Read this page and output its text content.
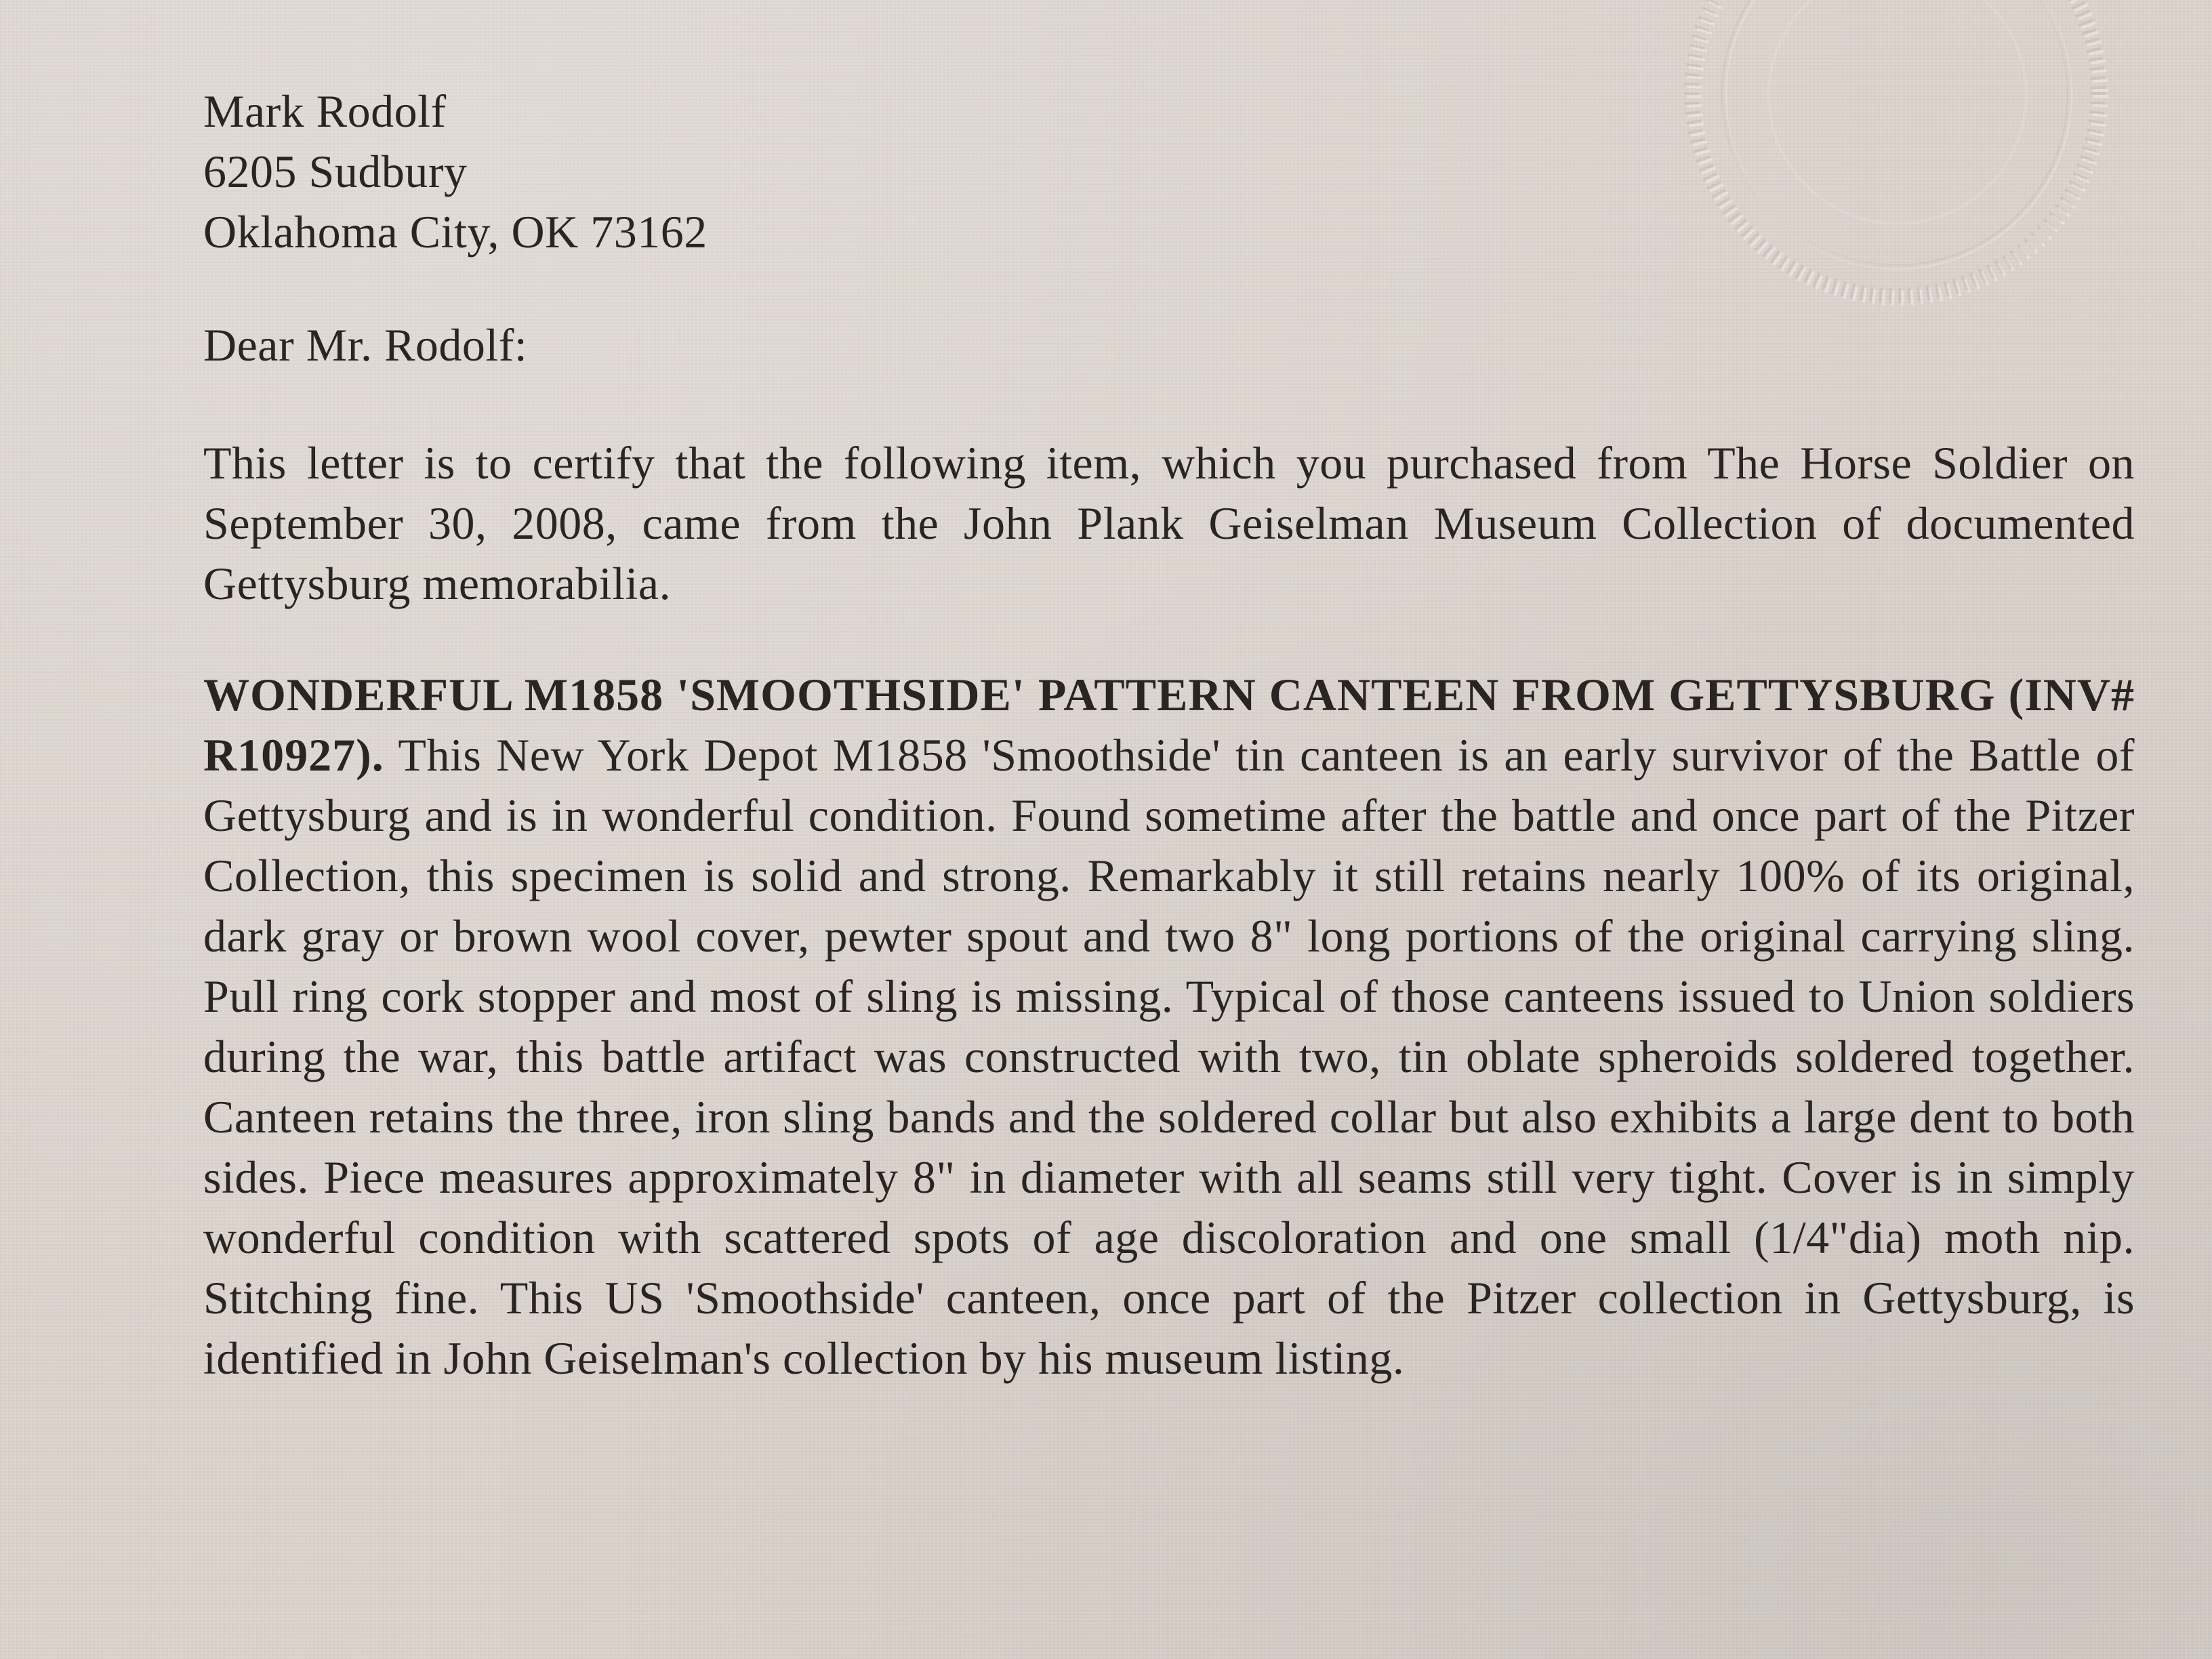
Mark Rodolf
6205 Sudbury
Oklahoma City, OK 73162
Dear Mr. Rodolf:

This letter is to certify that the following item, which you purchased from The Horse Soldier on September 30, 2008, came from the John Plank Geiselman Museum Collection of documented Gettysburg memorabilia.

WONDERFUL M1858 'SMOOTHSIDE' PATTERN CANTEEN FROM GETTYSBURG (INV# R10927). This New York Depot M1858 'Smoothside' tin canteen is an early survivor of the Battle of Gettysburg and is in wonderful condition. Found sometime after the battle and once part of the Pitzer Collection, this specimen is solid and strong. Remarkably it still retains nearly 100% of its original, dark gray or brown wool cover, pewter spout and two 8" long portions of the original carrying sling. Pull ring cork stopper and most of sling is missing. Typical of those canteens issued to Union soldiers during the war, this battle artifact was constructed with two, tin oblate spheroids soldered together. Canteen retains the three, iron sling bands and the soldered collar but also exhibits a large dent to both sides. Piece measures approximately 8" in diameter with all seams still very tight. Cover is in simply wonderful condition with scattered spots of age discoloration and one small (1/4"dia) moth nip. Stitching fine. This US 'Smoothside' canteen, once part of the Pitzer collection in Gettysburg, is identified in John Geiselman's collection by his museum listing.
